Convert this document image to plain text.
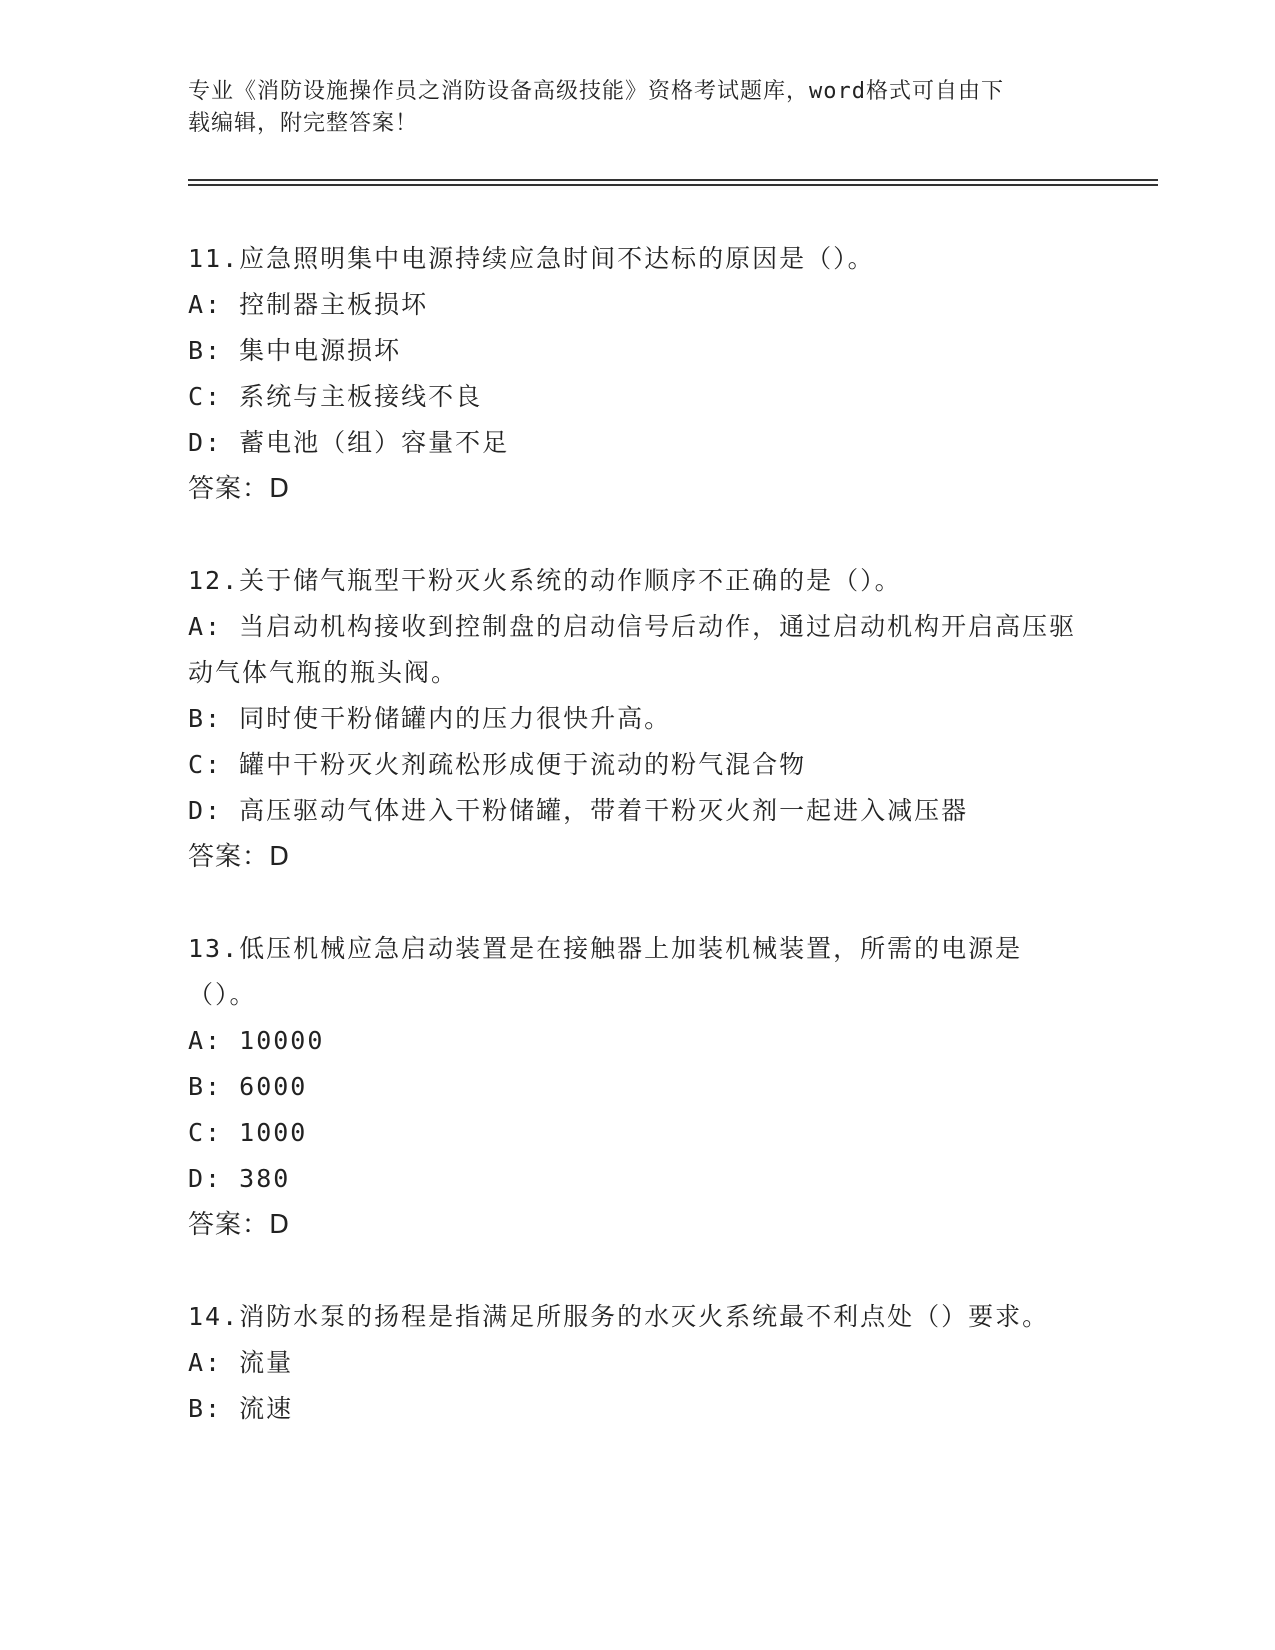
专业《消防设施操作员之消防设备高级技能》资格考试题库，word格式可自由下
载编辑，附完整答案！
11.应急照明集中电源持续应急时间不达标的原因是（）。
A: 控制器主板损坏
B: 集中电源损坏
C: 系统与主板接线不良
D: 蓄电池（组）容量不足
答案：D
12.关于储气瓶型干粉灭火系统的动作顺序不正确的是（）。
A: 当启动机构接收到控制盘的启动信号后动作，通过启动机构开启高压驱动气体气瓶的瓶头阀。
B: 同时使干粉储罐内的压力很快升高。
C: 罐中干粉灭火剂疏松形成便于流动的粉气混合物
D: 高压驱动气体进入干粉储罐，带着干粉灭火剂一起进入减压器
答案：D
13.低压机械应急启动装置是在接触器上加装机械装置，所需的电源是（）。
A: 10000
B: 6000
C: 1000
D: 380
答案：D
14.消防水泵的扬程是指满足所服务的水灭火系统最不利点处（）要求。
A: 流量
B: 流速
